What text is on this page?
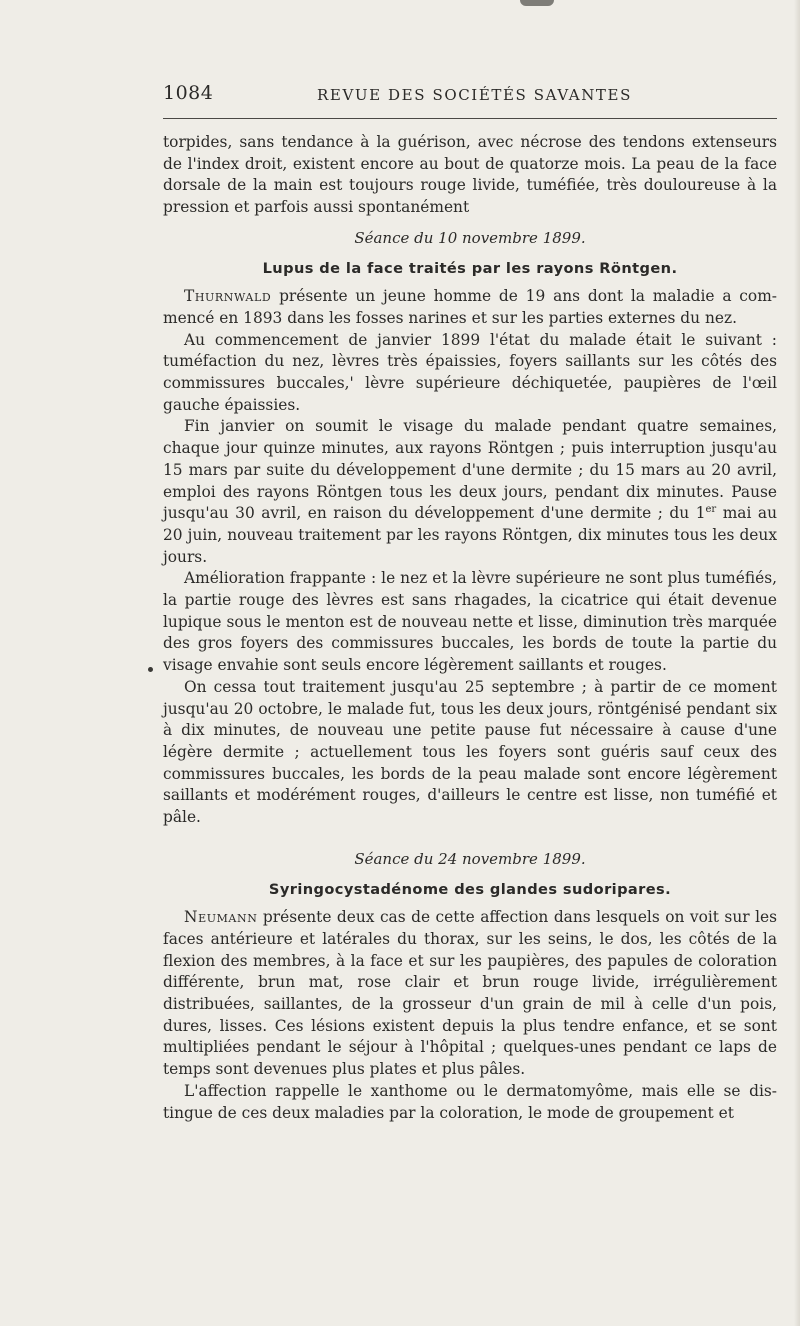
1084	REVUE DES SOCIÉTÉS SAVANTES

torpides, sans tendance à la guérison, avec nécrose des tendons extenseurs de l'index droit, existent encore au bout de quatorze mois. La peau de la face dorsale de la main est toujours rouge livide, tuméfiée, très douloureuse à la pression et parfois aussi spontanément

Séance du 10 novembre 1899.

Lupus de la face traités par les rayons Röntgen.

Thurnwald présente un jeune homme de 19 ans dont la maladie a commencé en 1893 dans les fosses narines et sur les parties externes du nez.

Au commencement de janvier 1899 l'état du malade était le suivant : tuméfaction du nez, lèvres très épaissies, foyers saillants sur les côtés des commissures buccales,' lèvre supérieure déchiquetée, paupières de l'œil gauche épaissies.

Fin janvier on soumit le visage du malade pendant quatre semaines, chaque jour quinze minutes, aux rayons Röntgen ; puis interruption jusqu'au 15 mars par suite du développement d'une dermite ; du 15 mars au 20 avril, emploi des rayons Röntgen tous les deux jours, pendant dix minutes. Pause jusqu'au 30 avril, en raison du développement d'une dermite ; du 1er mai au 20 juin, nouveau traitement par les rayons Röntgen, dix minutes tous les deux jours.

Amélioration frappante : le nez et la lèvre supérieure ne sont plus tuméfiés, la partie rouge des lèvres est sans rhagades, la cicatrice qui était devenue lupique sous le menton est de nouveau nette et lisse, diminution très marquée des gros foyers des commissures buccales, les bords de toute la partie du visage envahie sont seuls encore légèrement saillants et rouges.

On cessa tout traitement jusqu'au 25 septembre ; à partir de ce moment jusqu'au 20 octobre, le malade fut, tous les deux jours, röntgénisé pendant six à dix minutes, de nouveau une petite pause fut nécessaire à cause d'une légère dermite ; actuellement tous les foyers sont guéris sauf ceux des commissures buccales, les bords de la peau malade sont encore légèrement saillants et modérément rouges, d'ailleurs le centre est lisse, non tuméfié et pâle.

Séance du 24 novembre 1899.

Syringocystadénome des glandes sudoripares.

Neumann présente deux cas de cette affection dans lesquels on voit sur les faces antérieure et latérales du thorax, sur les seins, le dos, les côtés de la flexion des membres, à la face et sur les paupières, des papules de coloration différente, brun mat, rose clair et brun rouge livide, irrégulièrement distribuées, saillantes, de la grosseur d'un grain de mil à celle d'un pois, dures, lisses. Ces lésions existent depuis la plus tendre enfance, et se sont multipliées pendant le séjour à l'hôpital ; quelques-unes pendant ce laps de temps sont devenues plus plates et plus pâles.

L'affection rappelle le xanthome ou le dermatomyôme, mais elle se distingue de ces deux maladies par la coloration, le mode de groupement et
